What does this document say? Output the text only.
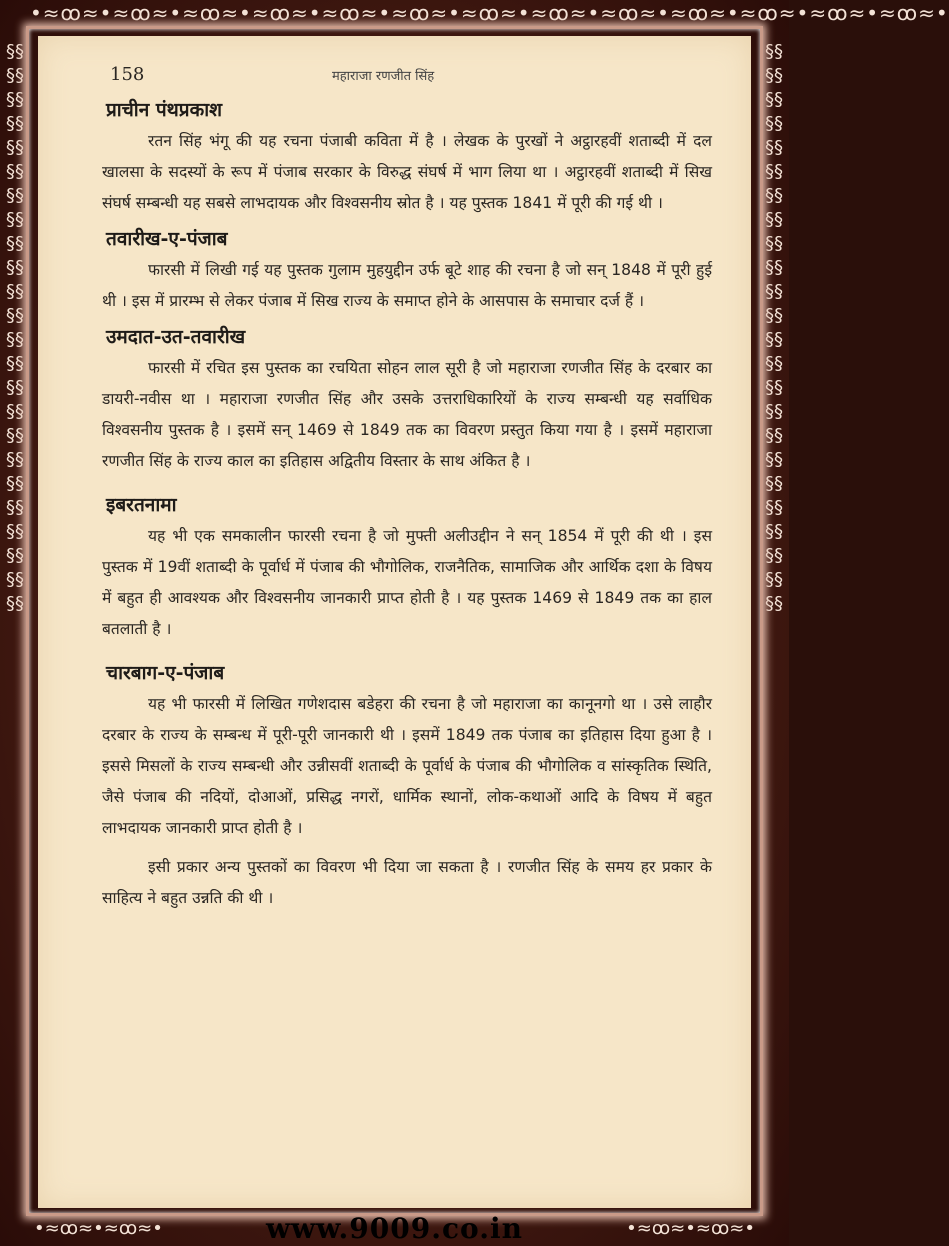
•≈ꝏ≈•≈ꝏ≈•≈ꝏ≈•≈ꝏ≈•≈ꝏ≈•≈ꝏ≈•≈ꝏ≈•≈ꝏ≈•≈ꝏ≈•≈ꝏ≈•≈ꝏ≈•≈ꝏ≈•≈ꝏ≈•
§§§§§§§§§§§§§§§§§§§§§§§§§§§§§§§§§§§§§§§§§§§§§§§§
§§§§§§§§§§§§§§§§§§§§§§§§§§§§§§§§§§§§§§§§§§§§§§§§
158	महाराजा रणजीत सिंह
प्राचीन पंथप्रकाश

रतन सिंह भंगू की यह रचना पंजाबी कविता में है । लेखक के पुरखों ने अट्ठारहवीं शताब्दी में दल खालसा के सदस्यों के रूप में पंजाब सरकार के विरुद्ध संघर्ष में भाग लिया था । अट्ठारहवीं शताब्दी में सिख संघर्ष सम्बन्धी यह सबसे लाभदायक और विश्वसनीय स्रोत है । यह पुस्तक 1841 में पूरी की गई थी ।

तवारीख-ए-पंजाब

फारसी में लिखी गई यह पुस्तक गुलाम मुहयुद्दीन उर्फ बूटे शाह की रचना है जो सन् 1848 में पूरी हुई थी । इस में प्रारम्भ से लेकर पंजाब में सिख राज्य के समाप्त होने के आसपास के समाचार दर्ज हैं ।

उमदात-उत-तवारीख

फारसी में रचित इस पुस्तक का रचयिता सोहन लाल सूरी है जो महाराजा रणजीत सिंह के दरबार का डायरी-नवीस था । महाराजा रणजीत सिंह और उसके उत्तराधिकारियों के राज्य सम्बन्धी यह सर्वाधिक विश्वसनीय पुस्तक है । इसमें सन् 1469 से 1849 तक का विवरण प्रस्तुत किया गया है । इसमें महाराजा रणजीत सिंह के राज्य काल का इतिहास अद्वितीय विस्तार के साथ अंकित है ।

इबरतनामा

यह भी एक समकालीन फारसी रचना है जो मुफ्ती अलीउद्दीन ने सन् 1854 में पूरी की थी । इस पुस्तक में 19वीं शताब्दी के पूर्वार्ध में पंजाब की भौगोलिक, राजनैतिक, सामाजिक और आर्थिक दशा के विषय में बहुत ही आवश्यक और विश्वसनीय जानकारी प्राप्त होती है । यह पुस्तक 1469 से 1849 तक का हाल बतलाती है ।

चारबाग-ए-पंजाब

यह भी फारसी में लिखित गणेशदास बडेहरा की रचना है जो महाराजा का कानूनगो था । उसे लाहौर दरबार के राज्य के सम्बन्ध में पूरी-पूरी जानकारी थी । इसमें 1849 तक पंजाब का इतिहास दिया हुआ है । इससे मिसलों के राज्य सम्बन्धी और उन्नीसवीं शताब्दी के पूर्वार्ध के पंजाब की भौगोलिक व सांस्कृतिक स्थिति, जैसे पंजाब की नदियों, दोआओं, प्रसिद्ध नगरों, धार्मिक स्थानों, लोक-कथाओं आदि के विषय में बहुत लाभदायक जानकारी प्राप्त होती है ।

इसी प्रकार अन्य पुस्तकों का विवरण भी दिया जा सकता है । रणजीत सिंह के समय हर प्रकार के साहित्य ने बहुत उन्नति की थी ।

•≈ꝏ≈•≈ꝏ≈•	www.9009.co.in	•≈ꝏ≈•≈ꝏ≈•
